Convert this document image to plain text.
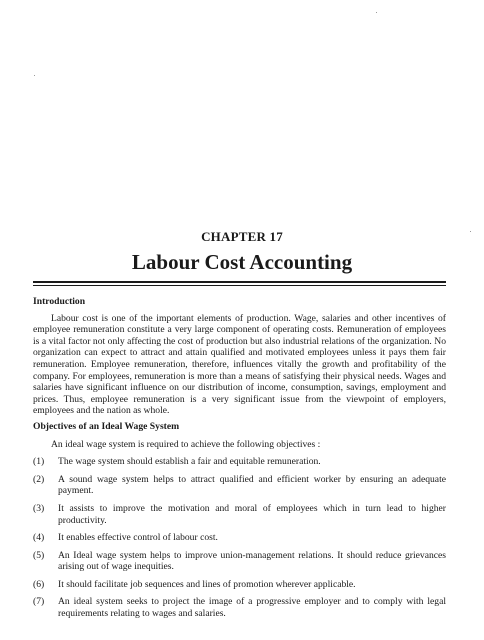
CHAPTER 17
Labour Cost Accounting

Introduction

Labour cost is one of the important elements of production. Wage, salaries and other incentives of employee remuneration constitute a very large component of operating costs. Remuneration of employees is a vital factor not only affecting the cost of production but also industrial relations of the organization. No organization can expect to attract and attain qualified and motivated employees unless it pays them fair remuneration. Employee remuneration, therefore, influences vitally the growth and profitability of the company. For employees, remuneration is more than a means of satisfying their physical needs. Wages and salaries have significant influence on our distribution of income, consumption, savings, employment and prices. Thus, employee remuneration is a very significant issue from the viewpoint of employers, employees and the nation as whole.

Objectives of an Ideal Wage System

An ideal wage system is required to achieve the following objectives :

(1)	The wage system should establish a fair and equitable remuneration.
(2)	A sound wage system helps to attract qualified and efficient worker by ensuring an adequate payment.
(3)	It assists to improve the motivation and moral of employees which in turn lead to higher productivity.
(4)	It enables effective control of labour cost.
(5)	An Ideal wage system helps to improve union-management relations. It should reduce grievances arising out of wage inequities.
(6)	It should facilitate job sequences and lines of promotion wherever applicable.
(7)	An ideal system seeks to project the image of a progressive employer and to comply with legal requirements relating to wages and salaries.
